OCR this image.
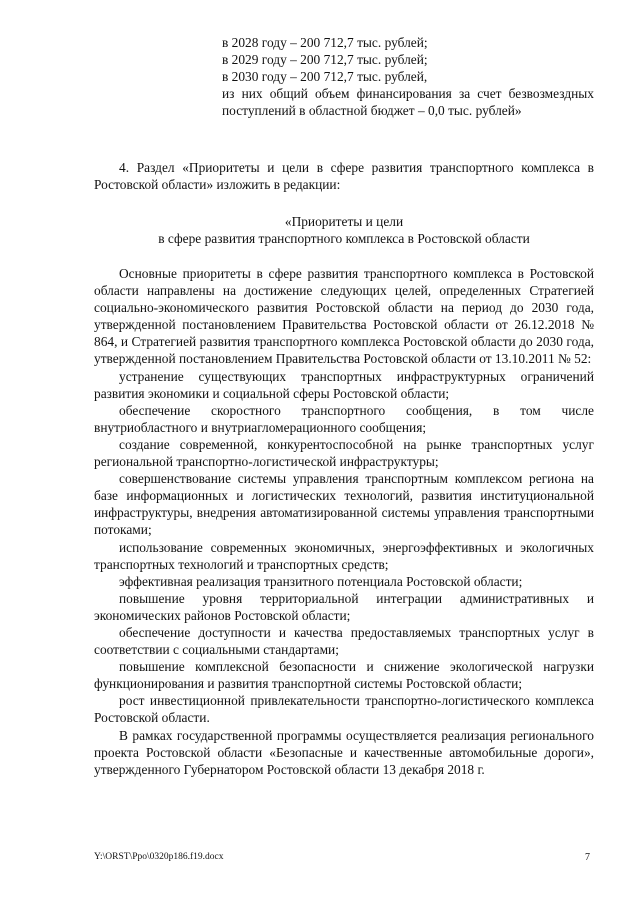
в 2028 году – 200 712,7 тыс. рублей;

в 2029 году – 200 712,7 тыс. рублей;

в 2030 году – 200 712,7 тыс. рублей,

из них общий объем финансирования за счет безвозмездных поступлений в областной бюджет – 0,0 тыс. рублей»

4. Раздел «Приоритеты и цели в сфере развития транспортного комплекса в Ростовской области» изложить в редакции:

«Приоритеты и цели

в сфере развития транспортного комплекса в Ростовской области

Основные приоритеты в сфере развития транспортного комплекса в Ростовской области направлены на достижение следующих целей, определенных Стратегией социально-экономического развития Ростовской области на период до 2030 года, утвержденной постановлением Правительства Ростовской области от 26.12.2018 № 864, и Стратегией развития транспортного комплекса Ростовской области до 2030 года, утвержденной постановлением Правительства Ростовской области от 13.10.2011 № 52:

устранение существующих транспортных инфраструктурных ограничений развития экономики и социальной сферы Ростовской области;

обеспечение скоростного транспортного сообщения, в том числе внутриобластного и внутриагломерационного сообщения;

создание современной, конкурентоспособной на рынке транспортных услуг региональной транспортно-логистической инфраструктуры;

совершенствование системы управления транспортным комплексом региона на базе информационных и логистических технологий, развития институциональной инфраструктуры, внедрения автоматизированной системы управления транспортными потоками;

использование современных экономичных, энергоэффективных и экологичных транспортных технологий и транспортных средств;

эффективная реализация транзитного потенциала Ростовской области;

повышение уровня территориальной интеграции административных и экономических районов Ростовской области;

обеспечение доступности и качества предоставляемых транспортных услуг в соответствии с социальными стандартами;

повышение комплексной безопасности и снижение экологической нагрузки функционирования и развития транспортной системы Ростовской области;

рост инвестиционной привлекательности транспортно-логистического комплекса Ростовской области.

В рамках государственной программы осуществляется реализация регионального проекта Ростовской области «Безопасные и качественные автомобильные дороги», утвержденного Губернатором Ростовской области 13 декабря 2018 г.

Y:\ORST\Ppo\0320p186.f19.docx	7
